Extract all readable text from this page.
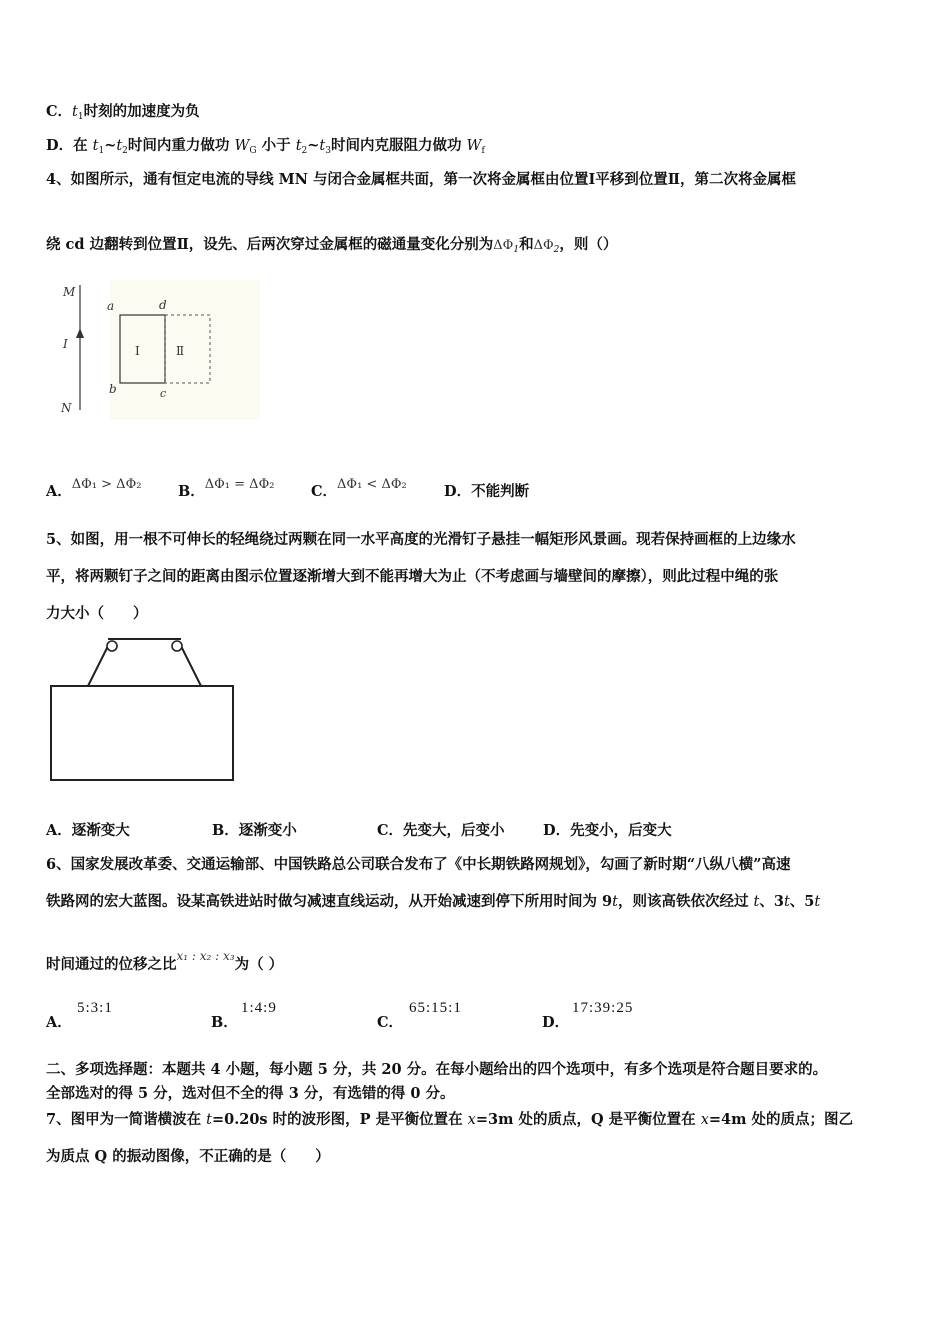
C．$t_1$时刻的加速度为负
D．在 $t_1\sim t_2$时间内重力做功 $W_G$ 小于 $t_2\sim t_3$时间内克服阻力做功 $W_f$
4、如图所示，通有恒定电流的导线 MN 与闭合金属框共面，第一次将金属框由位置Ⅰ平移到位置Ⅱ，第二次将金属框
绕 cd 边翻转到位置Ⅱ，设先、后两次穿过金属框的磁通量变化分别为$\Delta\Phi_1$和$\Delta\Phi_2$，则（）
M
I
N
a	d
b	c
Ⅰ	Ⅱ
A．ΔΦ₁ > ΔΦ₂	B．ΔΦ₁ = ΔΦ₂	C．ΔΦ₁ < ΔΦ₂	D．不能判断
5、如图，用一根不可伸长的轻绳绕过两颗在同一水平高度的光滑钉子悬挂一幅矩形风景画。现若保持画框的上边缘水
平，将两颗钉子之间的距离由图示位置逐渐增大到不能再增大为止（不考虑画与墙壁间的摩擦），则此过程中绳的张
力大小（　　）
A．逐渐变大	B．逐渐变小	C．先变大，后变小	D．先变小，后变大
6、国家发展改革委、交通运输部、中国铁路总公司联合发布了《中长期铁路网规划》，勾画了新时期“八纵八横”高速
铁路网的宏大蓝图。设某高铁进站时做匀减速直线运动，从开始减速到停下所用时间为 9t，则该高铁依次经过 t、3t、5t
时间通过的位移之比$^{x_1 : x_2 : x_3}$为（ ）
A．
5:3:1
B．
1:4:9
C．
65:15:1
D．
17:39:25
二、多项选择题：本题共 4 小题，每小题 5 分，共 20 分。在每小题给出的四个选项中，有多个选项是符合题目要求的。
全部选对的得 5 分，选对但不全的得 3 分，有选错的得 0 分。
7、图甲为一简谐横波在 t=0.20s 时的波形图，P 是平衡位置在 x=3m 处的质点，Q 是平衡位置在 x=4m 处的质点；图乙
为质点 Q 的振动图像，不正确的是（　　）
